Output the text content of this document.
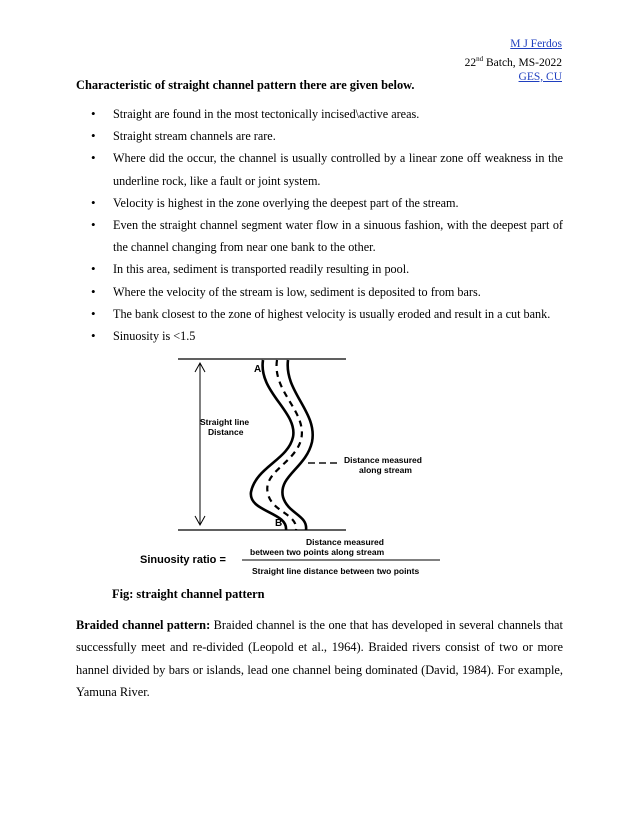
M J Ferdos
22nd Batch, MS-2022
GES, CU
Characteristic of straight channel pattern there are given below.
• Straight are found in the most tectonically incised\active areas.
• Straight stream channels are rare.
• Where did the occur, the channel is usually controlled by a linear zone off weakness in the underline rock, like a fault or joint system.
• Velocity is highest in the zone overlying the deepest part of the stream.
• Even the straight channel segment water flow in a sinuous fashion, with the deepest part of the channel changing from near one bank to the other.
• In this area, sediment is transported readily resulting in pool.
• Where the velocity of the stream is low, sediment is deposited to from bars.
• The bank closest to the zone of highest velocity is usually eroded and result in a cut bank.
• Sinuosity is <1.5
A
B
Straight line
Distance
Distance measured
along stream
Distance measured
between two points along stream
Sinuosity ratio =
Straight line distance between two points
Fig: straight channel pattern

Braided channel pattern: Braided channel is the one that has developed in several channels that successfully meet and re-divided (Leopold et al., 1964). Braided rivers consist of two or more hannel divided by bars or islands, lead one channel being dominated (David, 1984). For example, Yamuna River.
